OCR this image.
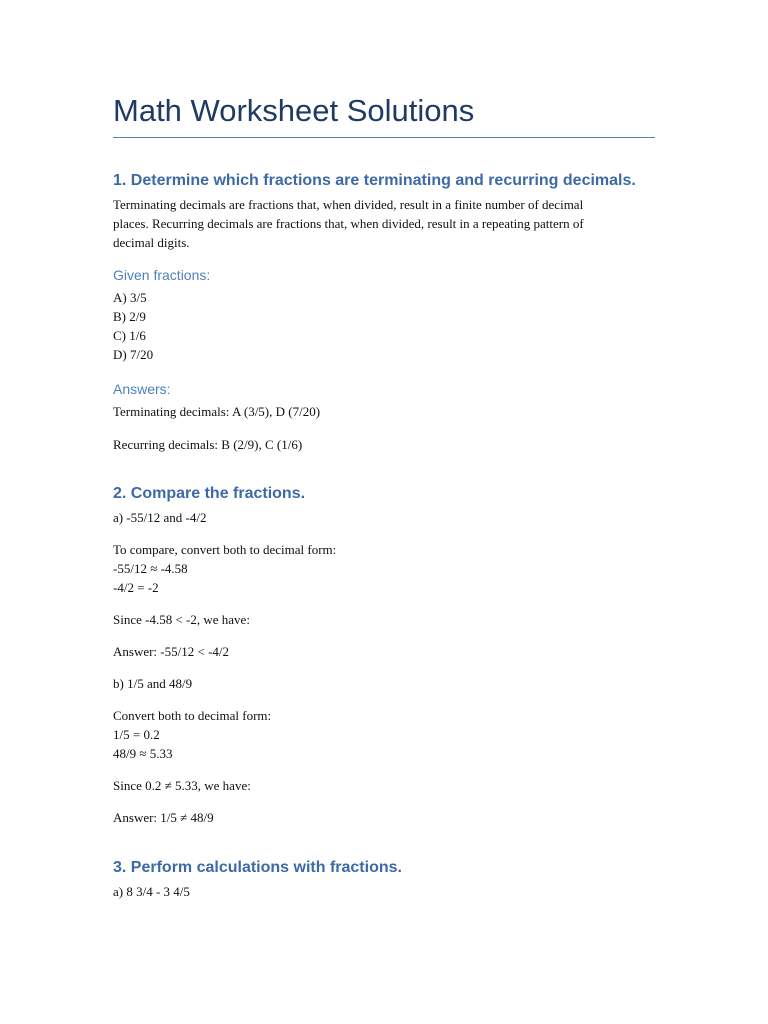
Math Worksheet Solutions
1. Determine which fractions are terminating and recurring decimals.
Terminating decimals are fractions that, when divided, result in a finite number of decimal
places. Recurring decimals are fractions that, when divided, result in a repeating pattern of
decimal digits.
Given fractions:
A) 3/5
B) 2/9
C) 1/6
D) 7/20
Answers:

Terminating decimals: A (3/5), D (7/20)

Recurring decimals: B (2/9), C (1/6)

2. Compare the fractions.

a) -55/12 and -4/2

To compare, convert both to decimal form:
-55/12 ≈ -4.58
-4/2 = -2

Since -4.58 < -2, we have:

Answer: -55/12 < -4/2

b) 1/5 and 48/9

Convert both to decimal form:
1/5 = 0.2
48/9 ≈ 5.33

Since 0.2 ≠ 5.33, we have:

Answer: 1/5 ≠ 48/9

3. Perform calculations with fractions.

a) 8 3/4 - 3 4/5
